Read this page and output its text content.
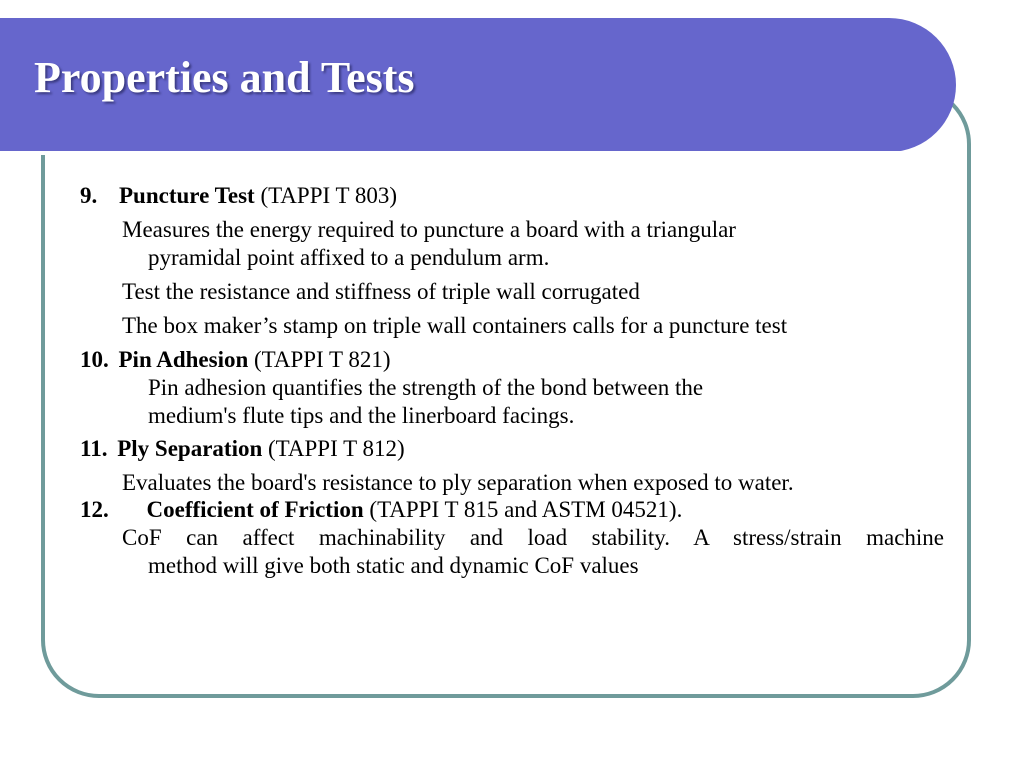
Properties and Tests
9. Puncture Test (TAPPI T 803)
Measures the energy required to puncture a board with a triangular
pyramidal point affixed to a pendulum arm.
Test the resistance and stiffness of triple wall corrugated
The box maker’s stamp on triple wall containers calls for a puncture test
10. Pin Adhesion (TAPPI T 821)
Pin adhesion quantifies the strength of the bond between the
medium's flute tips and the linerboard facings.
11. Ply Separation (TAPPI T 812)
Evaluates the board's resistance to ply separation when exposed to water.
12. Coefficient of Friction (TAPPI T 815 and ASTM 04521).
CoF can affect machinability and load stability. A stress/strain machine
method will give both static and dynamic CoF values
